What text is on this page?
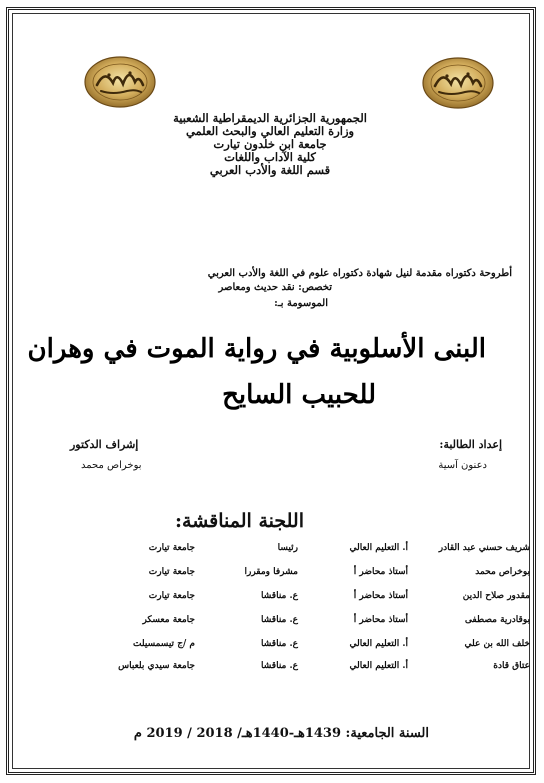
الجمهورية الجزائرية الديمقراطية الشعبية
وزارة التعليم العالي والبحث العلمي
جامعة ابن خلدون تيارت
كلية الآداب واللغات
قسم اللغة والأدب العربي
أطروحة دكتوراه مقدمة لنيل شهادة دكتوراه علوم في اللغة والأدب العربي
تخصص: نقد حديث ومعاصر
الموسومة بـ:
البنى الأسلوبية في رواية الموت في وهران
للحبيب السايح
إعداد الطالبة:
دعنون آسية
إشراف الدكتور
بوخراص محمد
اللجنة المناقشة:
شريف حسني عبد القادر
أ. التعليم العالي
رئيسا
جامعة تيارت
بوخراص محمد
أستاذ محاضر أ
مشرفا ومقررا
جامعة تيارت
مقدور صلاح الدين
أستاذ محاضر أ
ع. مناقشا
جامعة تيارت
بوقادرية مصطفى
أستاذ محاضر أ
ع. مناقشا
جامعة معسكر
خلف الله بن علي
أ. التعليم العالي
ع. مناقشا
م /ج تيسمسيلت
عتاق قادة
أ. التعليم العالي
ع. مناقشا
جامعة سيدي بلعباس
السنة الجامعية: 1439هـ-1440هـ/ 2018 / 2019 م
